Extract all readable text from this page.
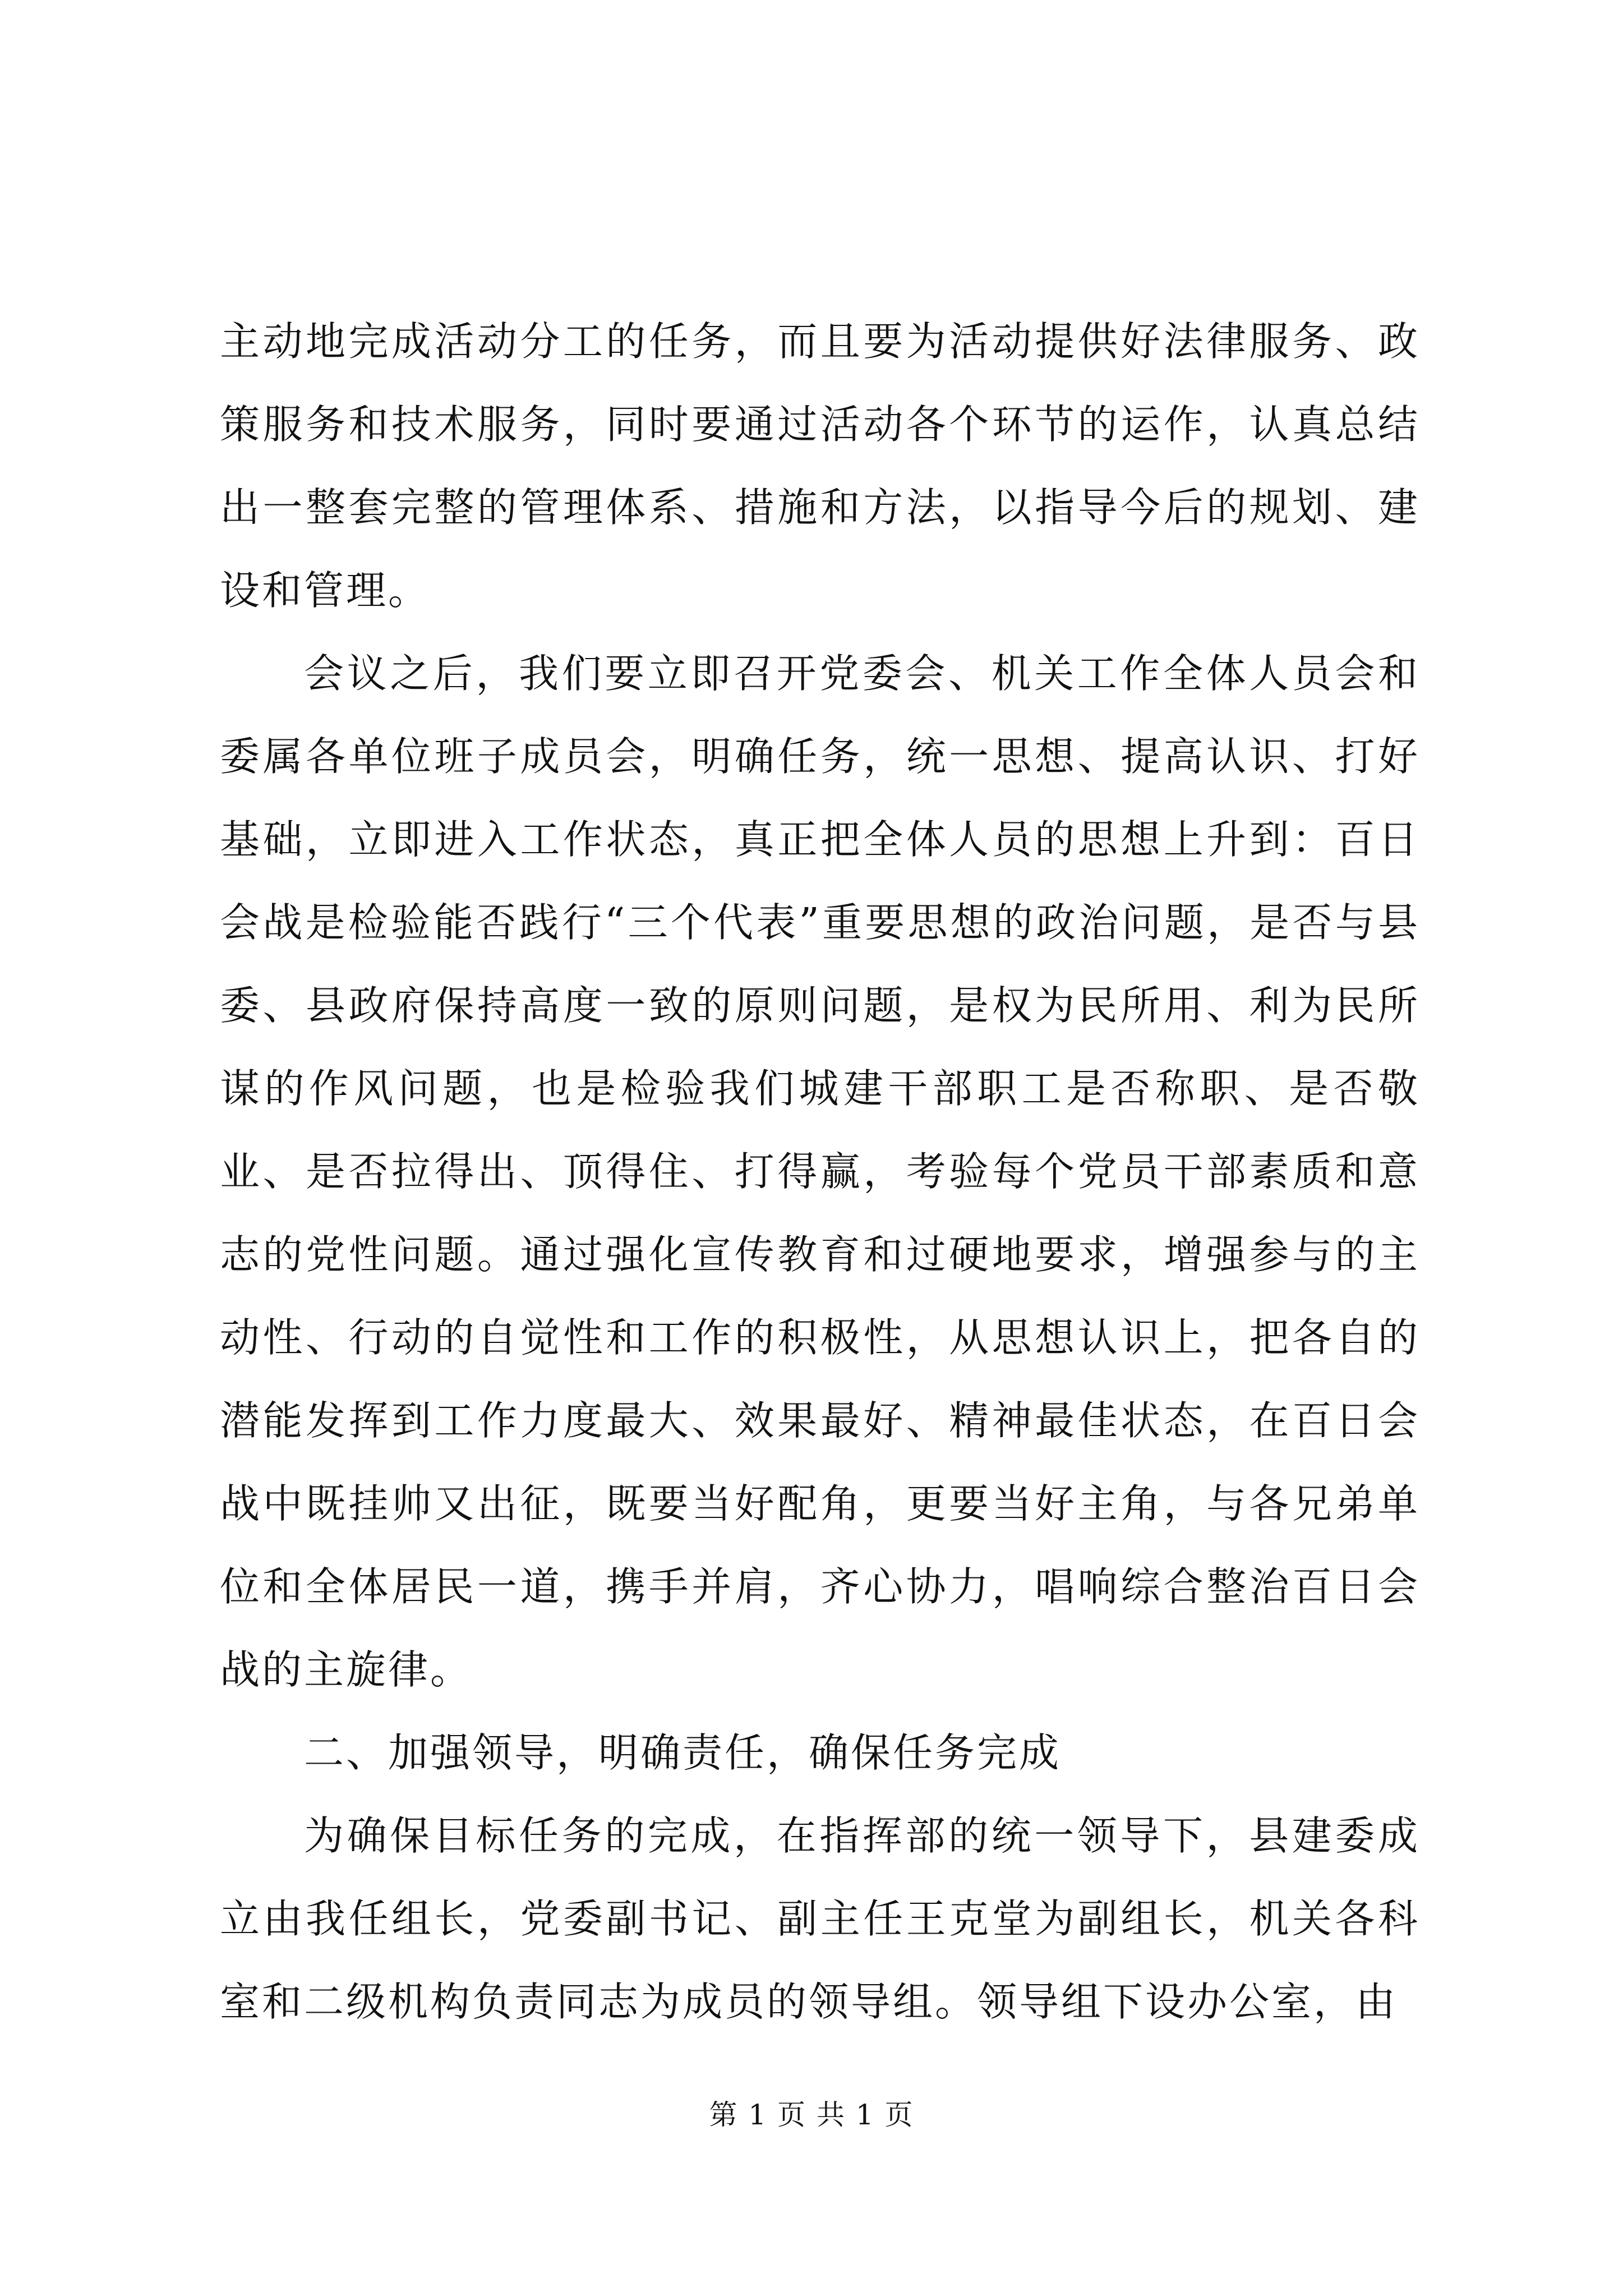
主动地完成活动分工的任务，而且要为活动提供好法律服务、政策服务和技术服务，同时要通过活动各个环节的运作，认真总结出一整套完整的管理体系、措施和方法，以指导今后的规划、建设和管理。

会议之后，我们要立即召开党委会、机关工作全体人员会和委属各单位班子成员会，明确任务，统一思想、提高认识、打好基础，立即进入工作状态，真正把全体人员的思想上升到：百日会战是检验能否践行“三个代表”重要思想的政治问题，是否与县委、县政府保持高度一致的原则问题，是权为民所用、利为民所谋的作风问题，也是检验我们城建干部职工是否称职、是否敬业、是否拉得出、顶得住、打得赢，考验每个党员干部素质和意志的党性问题。通过强化宣传教育和过硬地要求，增强参与的主动性、行动的自觉性和工作的积极性，从思想认识上，把各自的潜能发挥到工作力度最大、效果最好、精神最佳状态，在百日会战中既挂帅又出征，既要当好配角，更要当好主角，与各兄弟单位和全体居民一道，携手并肩，齐心协力，唱响综合整治百日会战的主旋律。

二、加强领导，明确责任，确保任务完成

为确保目标任务的完成，在指挥部的统一领导下，县建委成立由我任组长，党委副书记、副主任王克堂为副组长，机关各科室和二级机构负责同志为成员的领导组。领导组下设办公室，由

第 1 页 共 1 页
